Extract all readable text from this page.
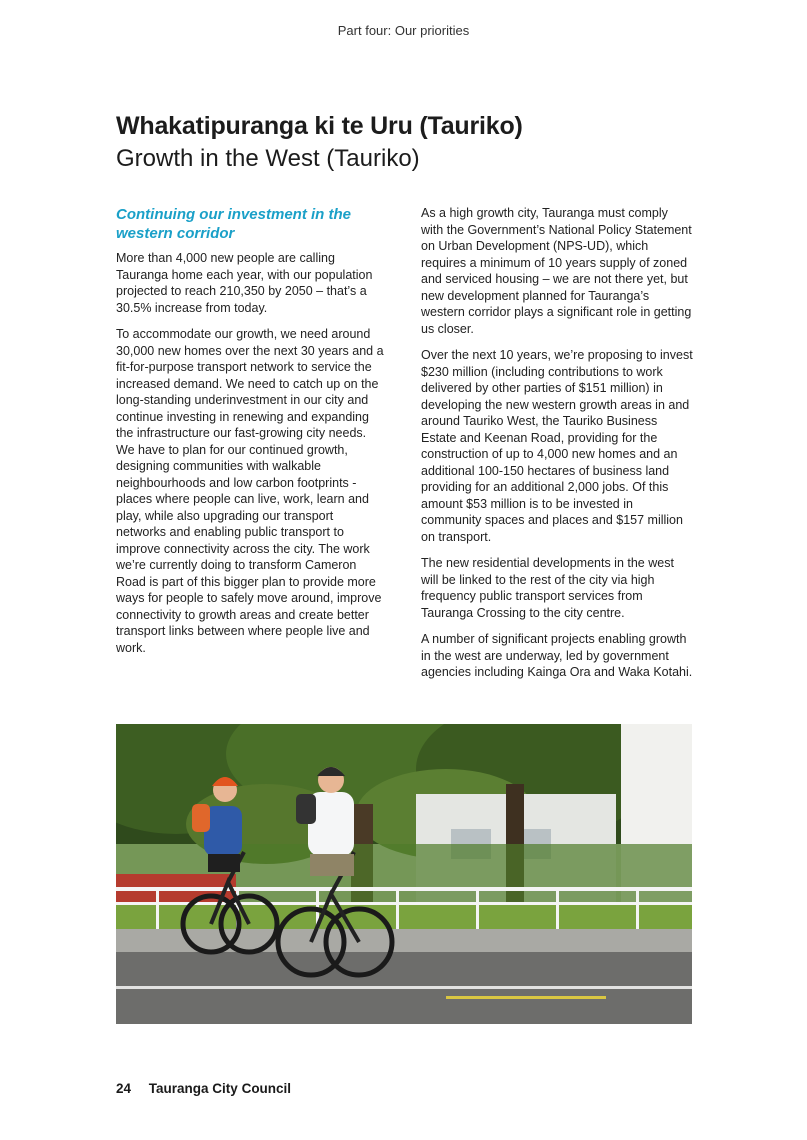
Part four: Our priorities
Whakatipuranga ki te Uru (Tauriko)
Growth in the West (Tauriko)
Continuing our investment in the western corridor

More than 4,000 new people are calling Tauranga home each year, with our population projected to reach 210,350 by 2050 – that’s a 30.5% increase from today.

To accommodate our growth, we need around 30,000 new homes over the next 30 years and a fit-for-purpose transport network to service the increased demand. We need to catch up on the long-standing underinvestment in our city and continue investing in renewing and expanding the infrastructure our fast-growing city needs. We have to plan for our continued growth, designing communities with walkable neighbourhoods and low carbon footprints - places where people can live, work, learn and play, while also upgrading our transport networks and enabling public transport to improve connectivity across the city. The work we’re currently doing to transform Cameron Road is part of this bigger plan to provide more ways for people to safely move around, improve connectivity to growth areas and create better transport links between where people live and work.

As a high growth city, Tauranga must comply with the Government’s National Policy Statement on Urban Development (NPS-UD), which requires a minimum of 10 years supply of zoned and serviced housing – we are not there yet, but new development planned for Tauranga’s western corridor plays a significant role in getting us closer.

Over the next 10 years, we’re proposing to invest $230 million (including contributions to work delivered by other parties of $151 million) in developing the new western growth areas in and around Tauriko West, the Tauriko Business Estate and Keenan Road, providing for the construction of up to 4,000 new homes and an additional 100-150 hectares of business land providing for an additional 2,000 jobs. Of this amount $53 million is to be invested in community spaces and places and $157 million on transport.

The new residential developments in the west will be linked to the rest of the city via high frequency public transport services from Tauranga Crossing to the city centre.

A number of significant projects enabling growth in the west are underway, led by government agencies including Kainga Ora and Waka Kotahi.

24 Tauranga City Council
